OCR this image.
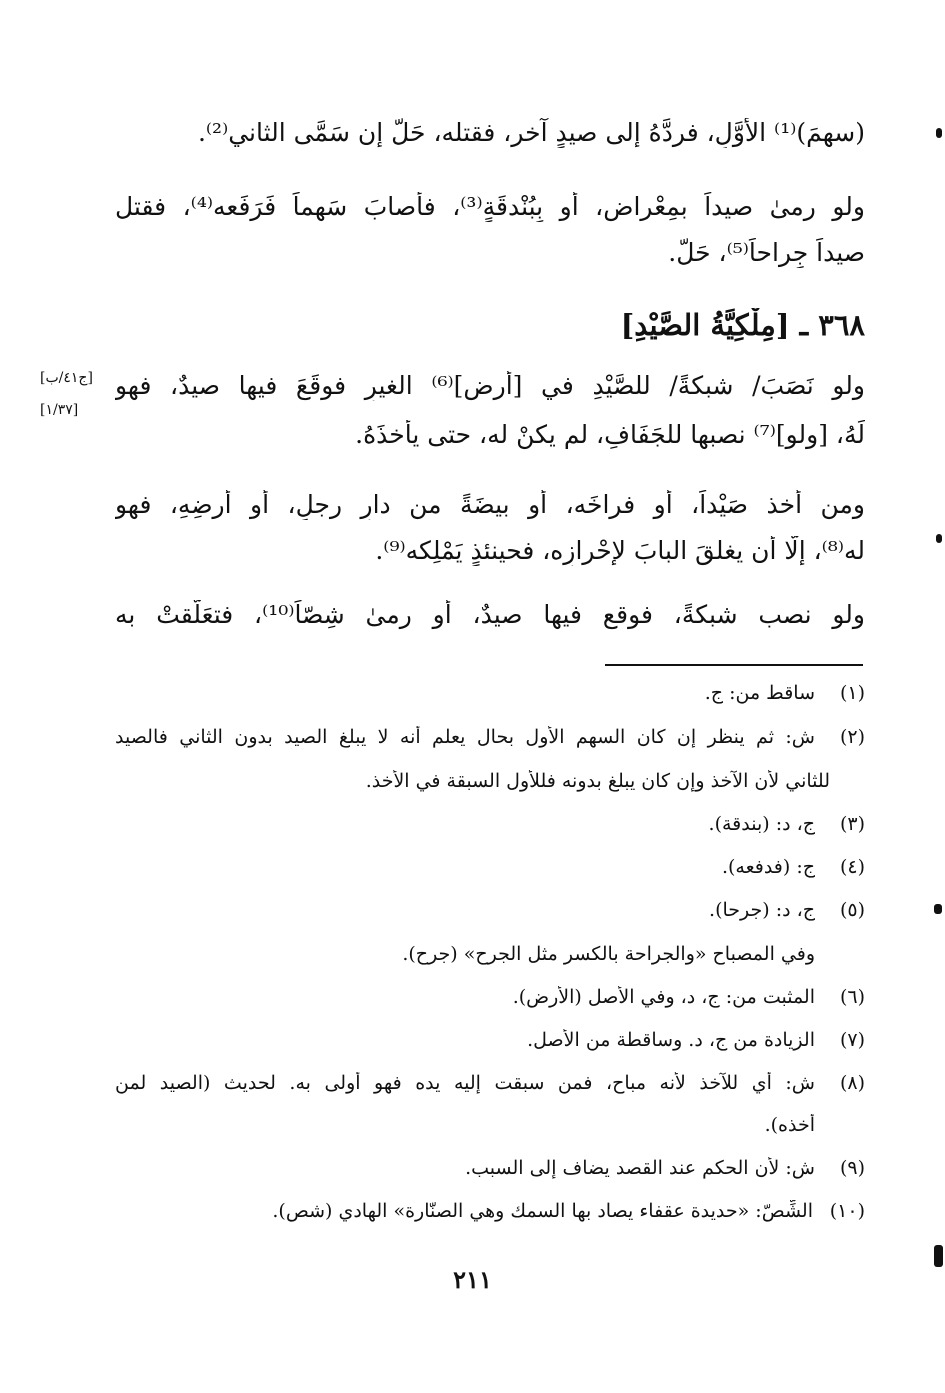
(سهمَ)⁽¹⁾ الأوَّلِ، فردَّهُ إلى صيدٍ آخر، فقتله، حَلَّ إن سَمَّى الثاني⁽²⁾.
ولو رمىٰ صيداً بمِعْراضٍ، أو بِبُنْدقَةٍ⁽³⁾، فأصابَ سَهماً فَرَفَعه⁽⁴⁾، فقتل
صيداً جِراحاً⁽⁵⁾، حَلَّ.
٣٦٨ ـ [مِلْكِيَّةُ الصَّيْدِ]
ولو نَصَبَ/ شبكةً/ للصَّيْدِ في [أرضٍ]⁽⁶⁾ الغيرِ فوقَعَ فيها صيدٌ، فهو
لَهُ، [ولو]⁽⁷⁾ نصبها للجَفَافِ، لم يكنْ له، حتى يأخذَهُ.
[ج٤١/ب]
[١/٣٧]
ومن أخذ صَيْداً، أو فراخَه، أو بيضَةً من دارِ رجلٍ، أو أرضِهِ، فهو
له⁽⁸⁾، إلَّا أن يغلقَ البابَ لإحْرازِه، فحينئذٍ يَمْلِكه⁽⁹⁾.
ولو نصب شبكةً، فوقع فيها صيدٌ، أو رمىٰ شِصّاً⁽¹⁰⁾، فتعَلَّقتْ به
(١)
ساقط من: ج.
(٢)
ش: ثم ينظر إن كان السهم الأول بحال يعلم أنه لا يبلغ الصيد بدون الثاني فالصيد
للثاني لأن الآخذ وإن كان يبلغ بدونه فللأول السبقة في الأخذ.
(٣)
ج، د: (بندقة).
(٤)
ج: (فدفعه).
(٥)
ج، د: (جرحا).
وفي المصباح «والجراحة بالكسر مثل الجرح» (جرح).
(٦)
المثبت من: ج، د، وفي الأصل (الأرض).
(٧)
الزيادة من ج، د. وساقطة من الأصل.
(٨)
ش: أي للآخذ لأنه مباح، فمن سبقت إليه يده فهو أولى به. لحديث (الصيد لمن
أخذه).
(٩)
ش: لأن الحكم عند القصد يضاف إلى السبب.
(١٠)
الشِّصّ: «حديدة عقفاء يصاد بها السمك وهي الصنّارة» الهادي (شص).
٢١١
